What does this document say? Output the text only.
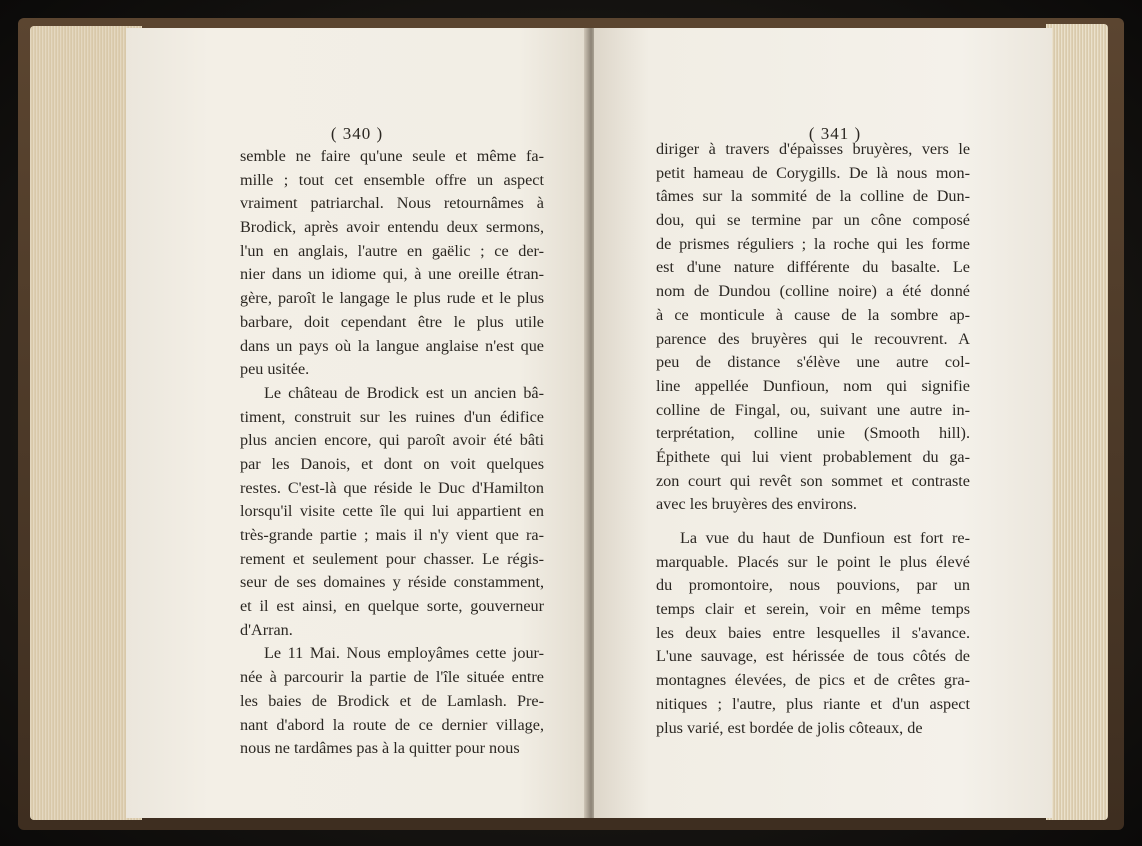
( 340 )
semble ne faire qu'une seule et même fa-
mille ; tout cet ensemble offre un aspect
vraiment patriarchal. Nous retournâmes à
Brodick, après avoir entendu deux sermons,
l'un en anglais, l'autre en gaëlic ; ce der-
nier dans un idiome qui, à une oreille étran-
gère, paroît le langage le plus rude et le plus
barbare, doit cependant être le plus utile
dans un pays où la langue anglaise n'est que
peu usitée.
Le château de Brodick est un ancien bâ-
timent, construit sur les ruines d'un édifice
plus ancien encore, qui paroît avoir été bâti
par les Danois, et dont on voit quelques
restes. C'est-là que réside le Duc d'Hamilton
lorsqu'il visite cette île qui lui appartient en
très-grande partie ; mais il n'y vient que ra-
rement et seulement pour chasser. Le régis-
seur de ses domaines y réside constamment,
et il est ainsi, en quelque sorte, gouverneur
d'Arran.
Le 11 Mai. Nous employâmes cette jour-
née à parcourir la partie de l'île située entre
les baies de Brodick et de Lamlash. Pre-
nant d'abord la route de ce dernier village,
nous ne tardâmes pas à la quitter pour nous
( 341 )
diriger à travers d'épaisses bruyères, vers le
petit hameau de Corygills. De là nous mon-
tâmes sur la sommité de la colline de Dun-
dou, qui se termine par un cône composé
de prismes réguliers ; la roche qui les forme
est d'une nature différente du basalte. Le
nom de Dundou (colline noire) a été donné
à ce monticule à cause de la sombre ap-
parence des bruyères qui le recouvrent. A
peu de distance s'élève une autre col-
line appellée Dunfioun, nom qui signifie
colline de Fingal, ou, suivant une autre in-
terprétation, colline unie (Smooth hill).
Épithete qui lui vient probablement du ga-
zon court qui revêt son sommet et contraste
avec les bruyères des environs.
La vue du haut de Dunfioun est fort re-
marquable. Placés sur le point le plus élevé
du promontoire, nous pouvions, par un
temps clair et serein, voir en même temps
les deux baies entre lesquelles il s'avance.
L'une sauvage, est hérissée de tous côtés de
montagnes élevées, de pics et de crêtes gra-
nitiques ; l'autre, plus riante et d'un aspect
plus varié, est bordée de jolis côteaux, de
